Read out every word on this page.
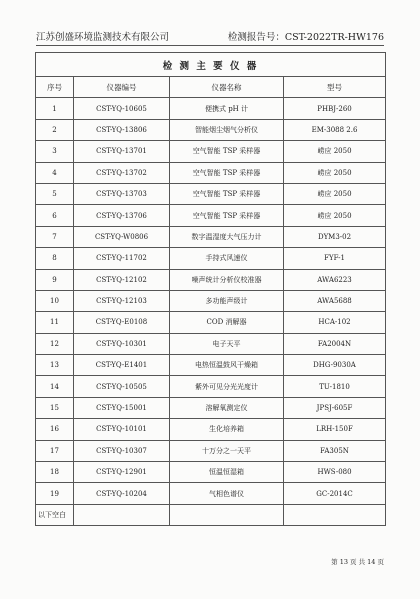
江苏创盛环境监测技术有限公司	检测报告号：CST-2022TR-HW176
检 测 主 要 仪 器			
序号	仪器编号	仪器名称	型号
1	CST-YQ-10605	便携式 pH 计	PHBJ-260
2	CST-YQ-13806	智能烟尘烟气分析仪	EM-3088 2.6
3	CST-YQ-13701	空气智能 TSP 采样器	崂应 2050
4	CST-YQ-13702	空气智能 TSP 采样器	崂应 2050
5	CST-YQ-13703	空气智能 TSP 采样器	崂应 2050
6	CST-YQ-13706	空气智能 TSP 采样器	崂应 2050
7	CST-YQ-W0806	数字温湿度大气压力计	DYM3-02
8	CST-YQ-11702	手持式风速仪	FYF-1
9	CST-YQ-12102	噪声统计分析仪校准器	AWA6223
10	CST-YQ-12103	多功能声级计	AWA5688
11	CST-YQ-E0108	COD 消解器	HCA-102
12	CST-YQ-10301	电子天平	FA2004N
13	CST-YQ-E1401	电热恒温鼓风干燥箱	DHG-9030A
14	CST-YQ-10505	紫外可见分光光度计	TU-1810
15	CST-YQ-15001	溶解氧测定仪	JPSJ-605F
16	CST-YQ-10101	生化培养箱	LRH-150F
17	CST-YQ-10307	十万分之一天平	FA305N
18	CST-YQ-12901	恒温恒湿箱	HWS-080
19	CST-YQ-10204	气相色谱仪	GC-2014C
以下空白			
第 13 页 共 14 页
